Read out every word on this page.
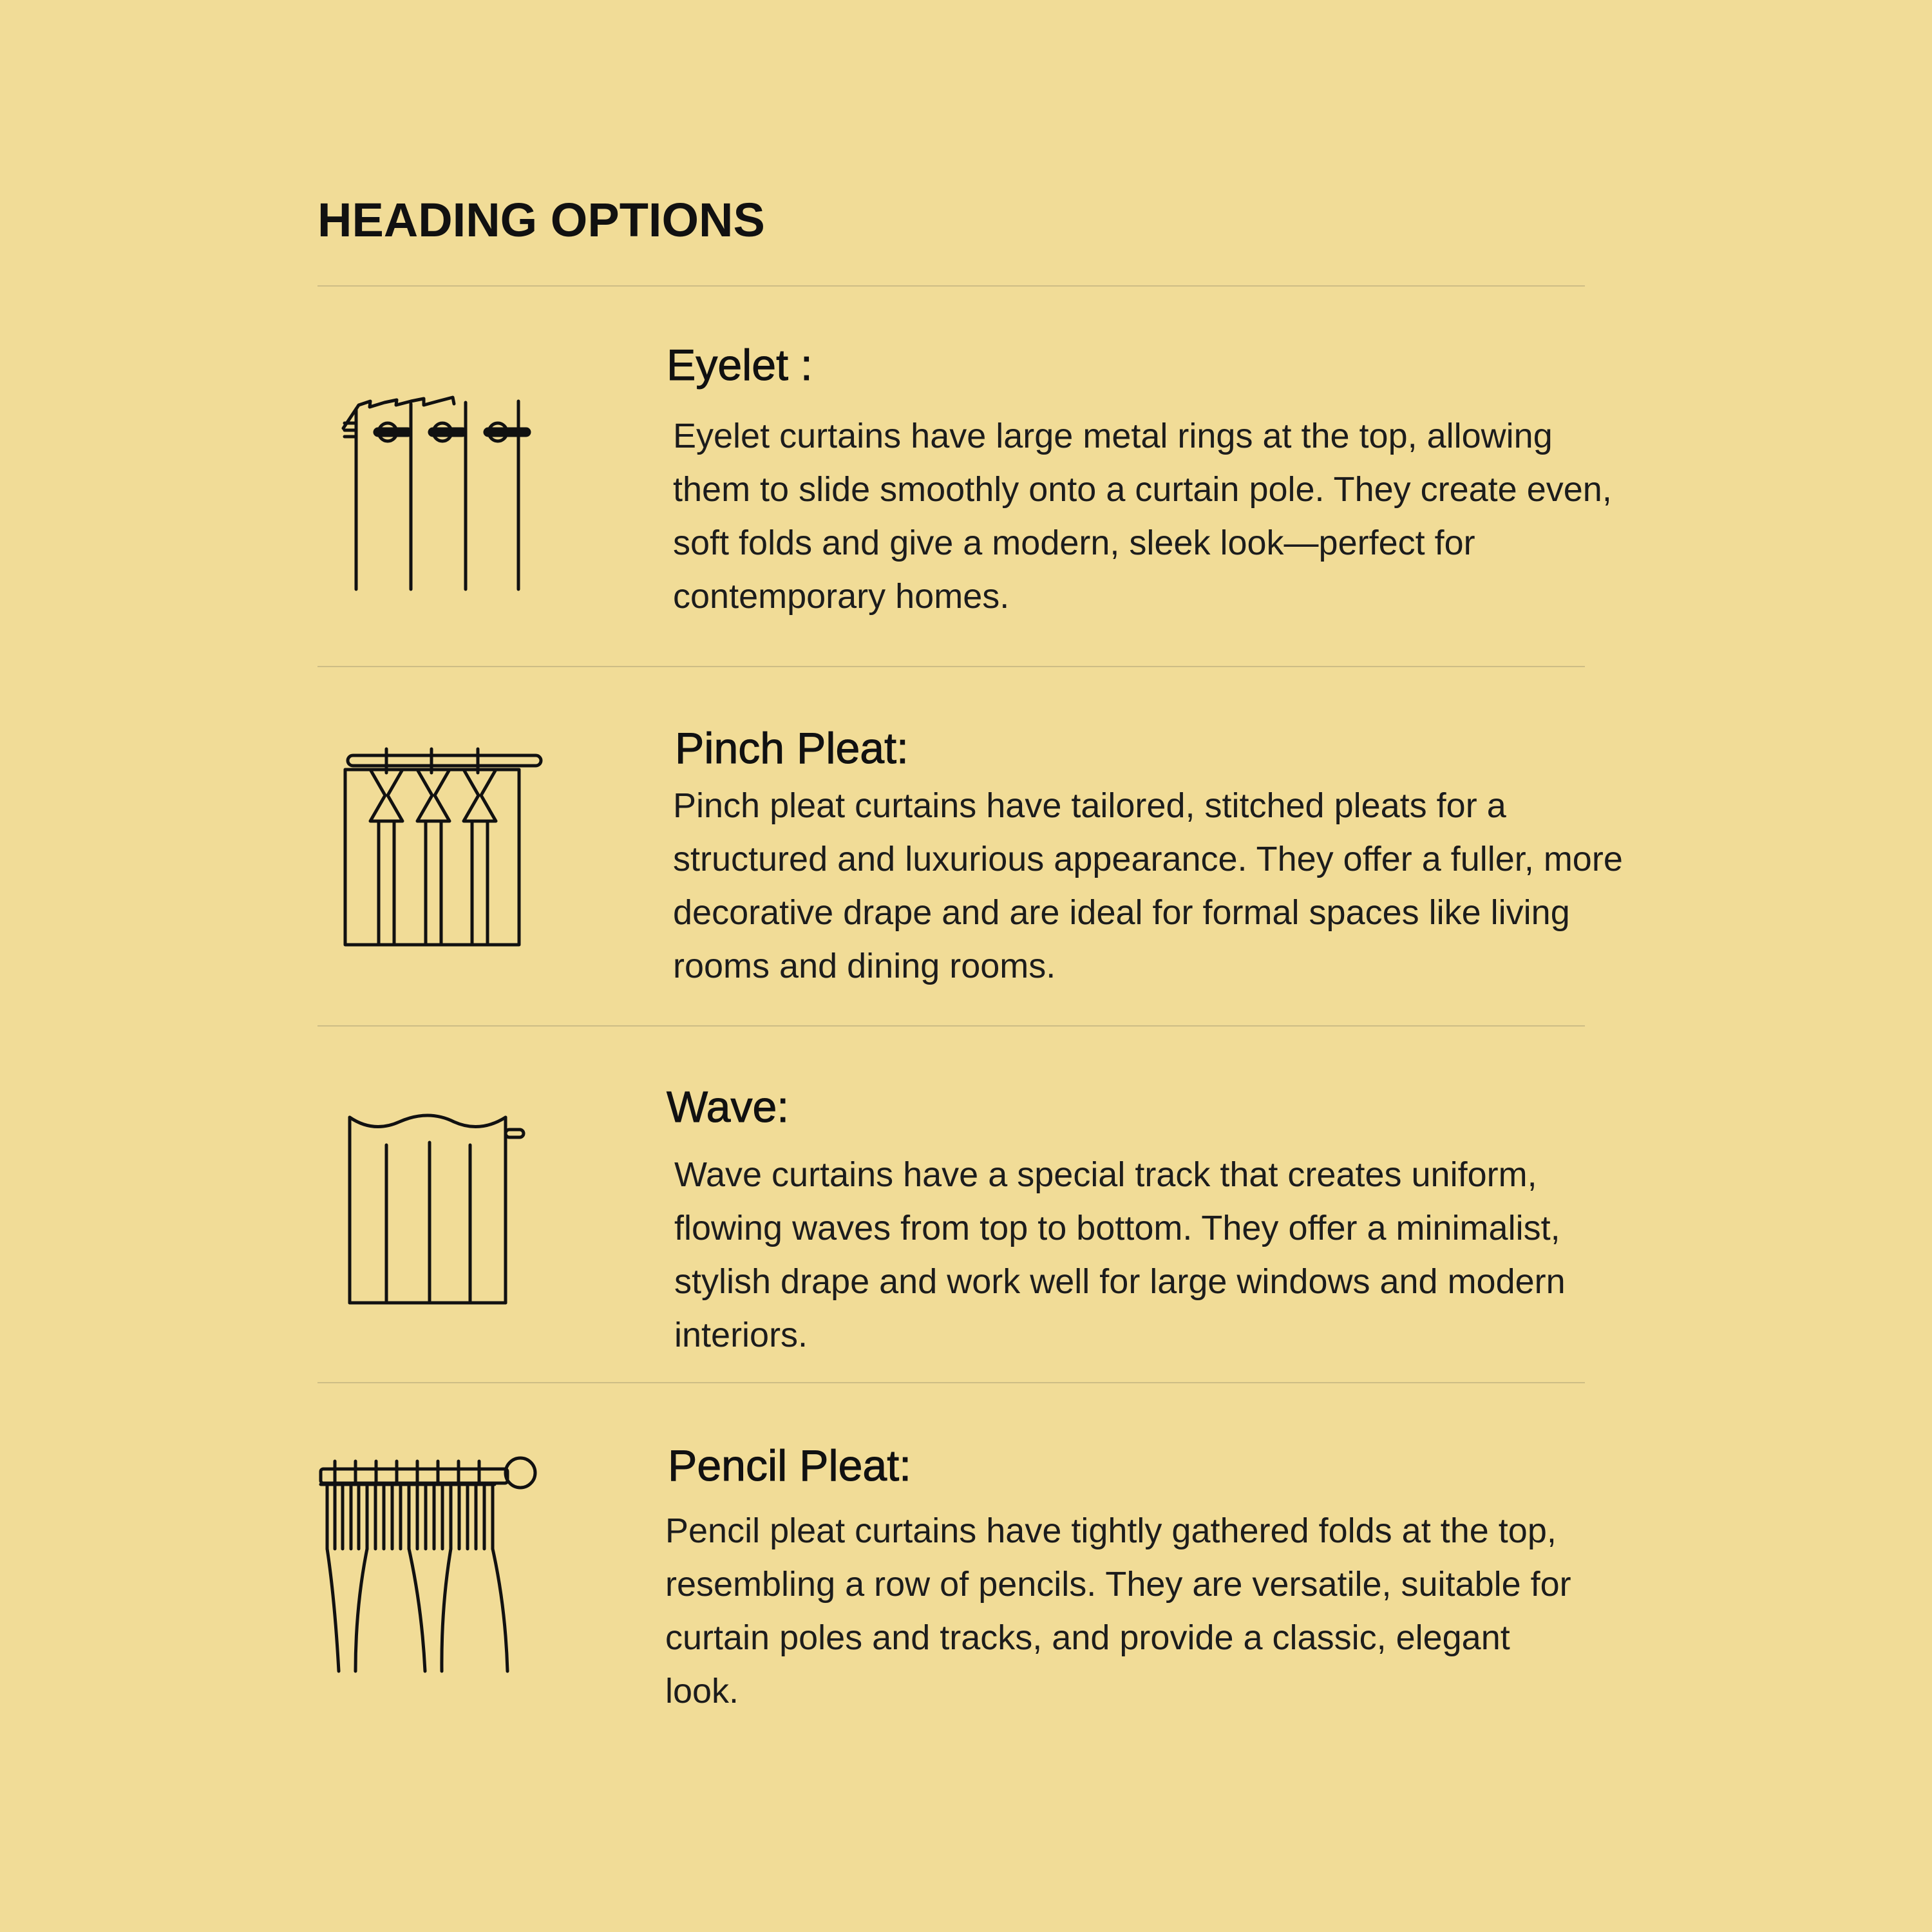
HEADING OPTIONS
Eyelet :

Eyelet curtains have large metal rings at the top, allowing them to slide smoothly onto a curtain pole. They create even, soft folds and give a modern, sleek look—perfect for contemporary homes.

Pinch Pleat:

Pinch pleat curtains have tailored, stitched pleats for a structured and luxurious appearance. They offer a fuller, more decorative drape and are ideal for formal spaces like living rooms and dining rooms.

Wave:

Wave curtains have a special track that creates uniform, flowing waves from top to bottom. They offer a minimalist, stylish drape and work well for large windows and modern interiors.

Pencil Pleat:

Pencil pleat curtains have tightly gathered folds at the top, resembling a row of pencils. They are versatile, suitable for curtain poles and tracks, and provide a classic, elegant look.
